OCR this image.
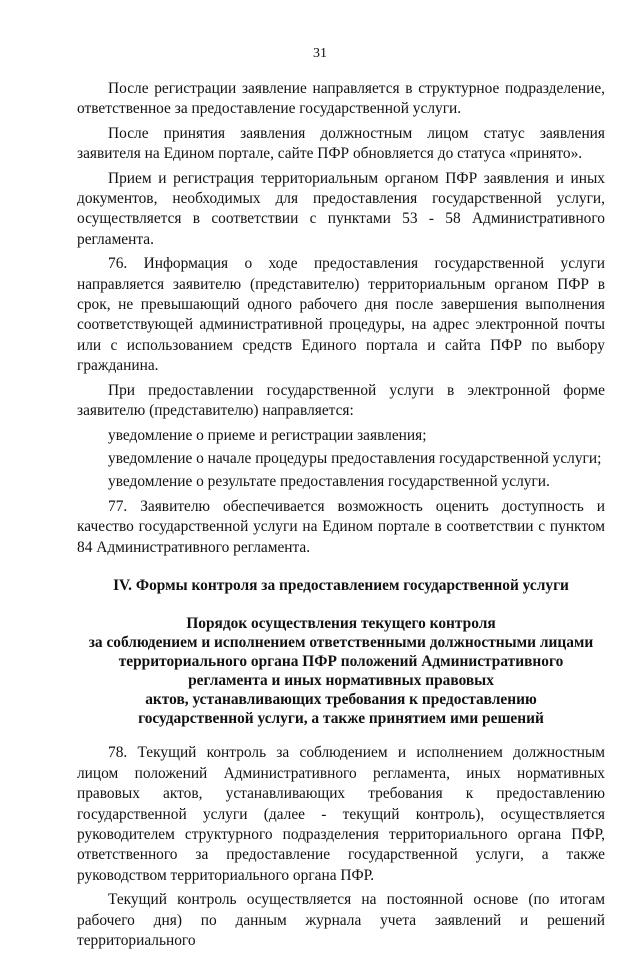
31

После регистрации заявление направляется в структурное подразделение, ответственное за предоставление государственной услуги.

После принятия заявления должностным лицом статус заявления заявителя на Едином портале, сайте ПФР обновляется до статуса «принято».

Прием и регистрация территориальным органом ПФР заявления и иных документов, необходимых для предоставления государственной услуги, осуществляется в соответствии с пунктами 53 - 58 Административного регламента.

76. Информация о ходе предоставления государственной услуги направляется заявителю (представителю) территориальным органом ПФР в срок, не превышающий одного рабочего дня после завершения выполнения соответствующей административной процедуры, на адрес электронной почты или с использованием средств Единого портала и сайта ПФР по выбору гражданина.

При предоставлении государственной услуги в электронной форме заявителю (представителю) направляется:

уведомление о приеме и регистрации заявления;

уведомление о начале процедуры предоставления государственной услуги;

уведомление о результате предоставления государственной услуги.

77. Заявителю обеспечивается возможность оценить доступность и качество государственной услуги на Едином портале в соответствии с пунктом 84 Административного регламента.

IV. Формы контроля за предоставлением государственной услуги

Порядок осуществления текущего контроля
за соблюдением и исполнением ответственными должностными лицами
территориального органа ПФР положений Административного
регламента и иных нормативных правовых
актов, устанавливающих требования к предоставлению
государственной услуги, а также принятием ими решений

78. Текущий контроль за соблюдением и исполнением должностным лицом положений Административного регламента, иных нормативных правовых актов, устанавливающих требования к предоставлению государственной услуги (далее - текущий контроль), осуществляется руководителем структурного подразделения территориального органа ПФР, ответственного за предоставление государственной услуги, а также руководством территориального органа ПФР.

Текущий контроль осуществляется на постоянной основе (по итогам рабочего дня) по данным журнала учета заявлений и решений территориального
